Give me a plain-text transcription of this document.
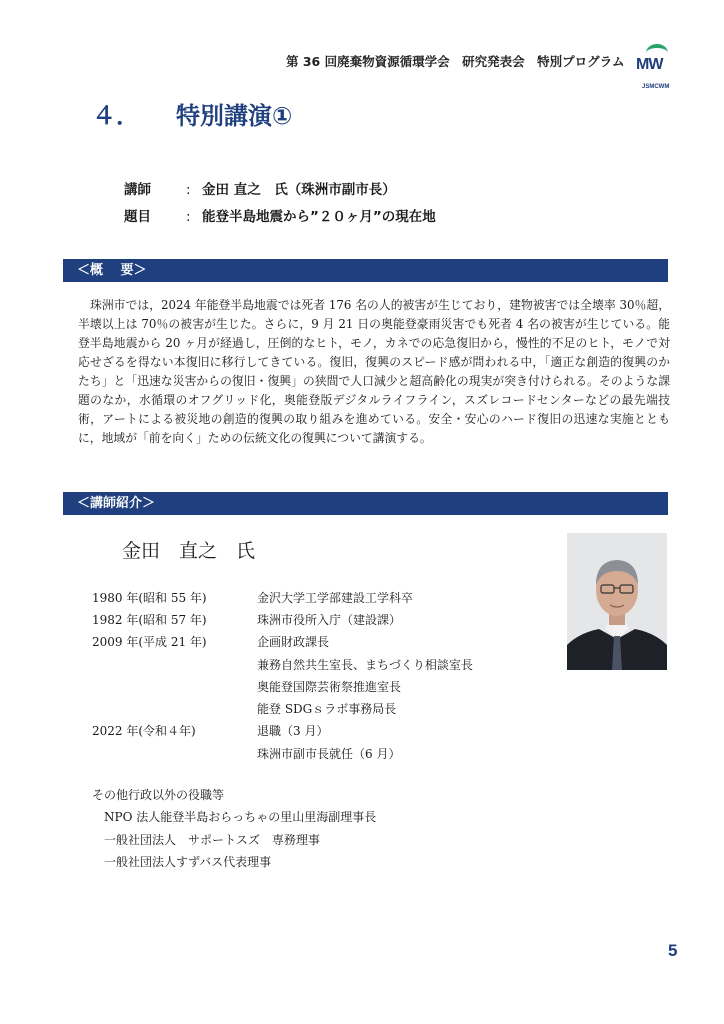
第 36 回廃棄物資源循環学会　研究発表会　特別プログラム MW
JSMCWM
４． 特別講演①
講師	: 金田 直之　氏（珠洲市副市長）
題目	: 能登半島地震から”２０ヶ月”の現在地
＜概　 要＞

珠洲市では，2024 年能登半島地震では死者 176 名の人的被害が生じており，建物被害では全壊率 30％超，半壊以上は 70％の被害が生じた。さらに，9 月 21 日の奥能登豪雨災害でも死者 4 名の被害が生じている。能登半島地震から 20 ヶ月が経過し，圧倒的なヒト，モノ，カネでの応急復旧から，慢性的不足のヒト，モノで対応せざるを得ない本復旧に移行してきている。復旧，復興のスピード感が問われる中，「適正な創造的復興のかたち」と「迅速な災害からの復旧・復興」の狭間で人口減少と超高齢化の現実が突き付けられる。そのような課題のなか，水循環のオフグリッド化，奥能登版デジタルライフライン，スズレコードセンターなどの最先端技術，アートによる被災地の創造的復興の取り組みを進めている。安全・安心のハード復旧の迅速な実施とともに，地域が「前を向く」ための伝統文化の復興について講演する。

＜講師紹介＞
金田　直之　氏
1980 年(昭和 55 年)	金沢大学工学部建設工学科卒
1982 年(昭和 57 年)	珠洲市役所入庁（建設課）
2009 年(平成 21 年)	企画財政課長
兼務自然共生室長、まちづくり相談室長
奥能登国際芸術祭推進室長
能登 SDGｓラボ事務局長
2022 年(令和４年)	退職（3 月）
珠洲市副市長就任（6 月）
その他行政以外の役職等
NPO 法人能登半島おらっちゃの里山里海副理事長
一般社団法人　サポートスズ　専務理事
一般社団法人すずバス代表理事
5
